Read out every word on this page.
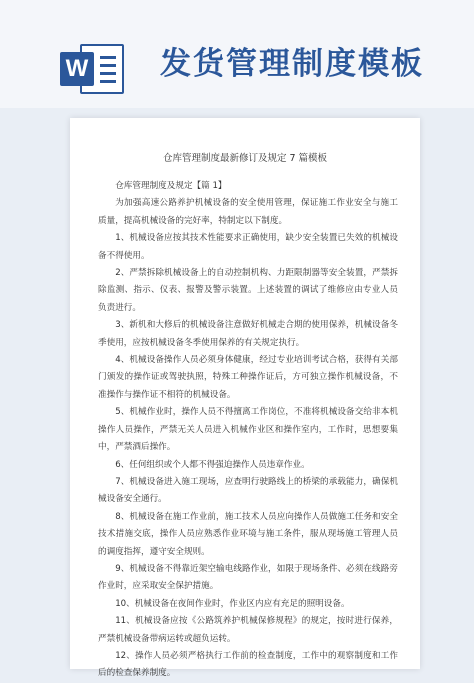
W 发货管理制度模板
仓库管理制度最新修订及规定 7 篇模板

仓库管理制度及规定【篇 1】

为加强高速公路养护机械设备的安全使用管理，保证施工作业安全与施工质量，提高机械设备的完好率，特制定以下制度。

1、机械设备应按其技术性能要求正确使用，缺少安全装置已失效的机械设备不得使用。

2、严禁拆除机械设备上的自动控制机构、力距限制器等安全装置，严禁拆除监测、指示、仪表、报警及警示装置。上述装置的调试了维修应由专业人员负责进行。

3、新机和大修后的机械设备注意做好机械走合期的使用保养，机械设备冬季使用，应按机械设备冬季使用保养的有关规定执行。

4、机械设备操作人员必须身体健康，经过专业培训考试合格，获得有关部门颁发的操作证或驾驶执照，特殊工种操作证后，方可独立操作机械设备，不准操作与操作证不相符的机械设备。

5、机械作业时，操作人员不得擅离工作岗位，不准将机械设备交给非本机操作人员操作，严禁无关人员进入机械作业区和操作室内，工作时，思想要集中，严禁酒后操作。

6、任何组织或个人都不得强迫操作人员违章作业。

7、机械设备进入施工现场，应查明行驶路线上的桥梁的承载能力，确保机械设备安全通行。

8、机械设备在施工作业前，施工技术人员应向操作人员做施工任务和安全技术措施交底，操作人员应熟悉作业环境与施工条件，服从现场施工管理人员的调度指挥，遵守安全规则。

9、机械设备不得靠近架空输电线路作业，如限于现场条件、必须在线路旁作业时，应采取安全保护措施。

10、机械设备在夜间作业时，作业区内应有充足的照明设备。

11、机械设备应按《公路筑养护机械保修规程》的规定，按时进行保养，严禁机械设备带病运转或超负运转。

12、操作人员必须严格执行工作前的检查制度，工作中的观察制度和工作后的检查保养制度。
